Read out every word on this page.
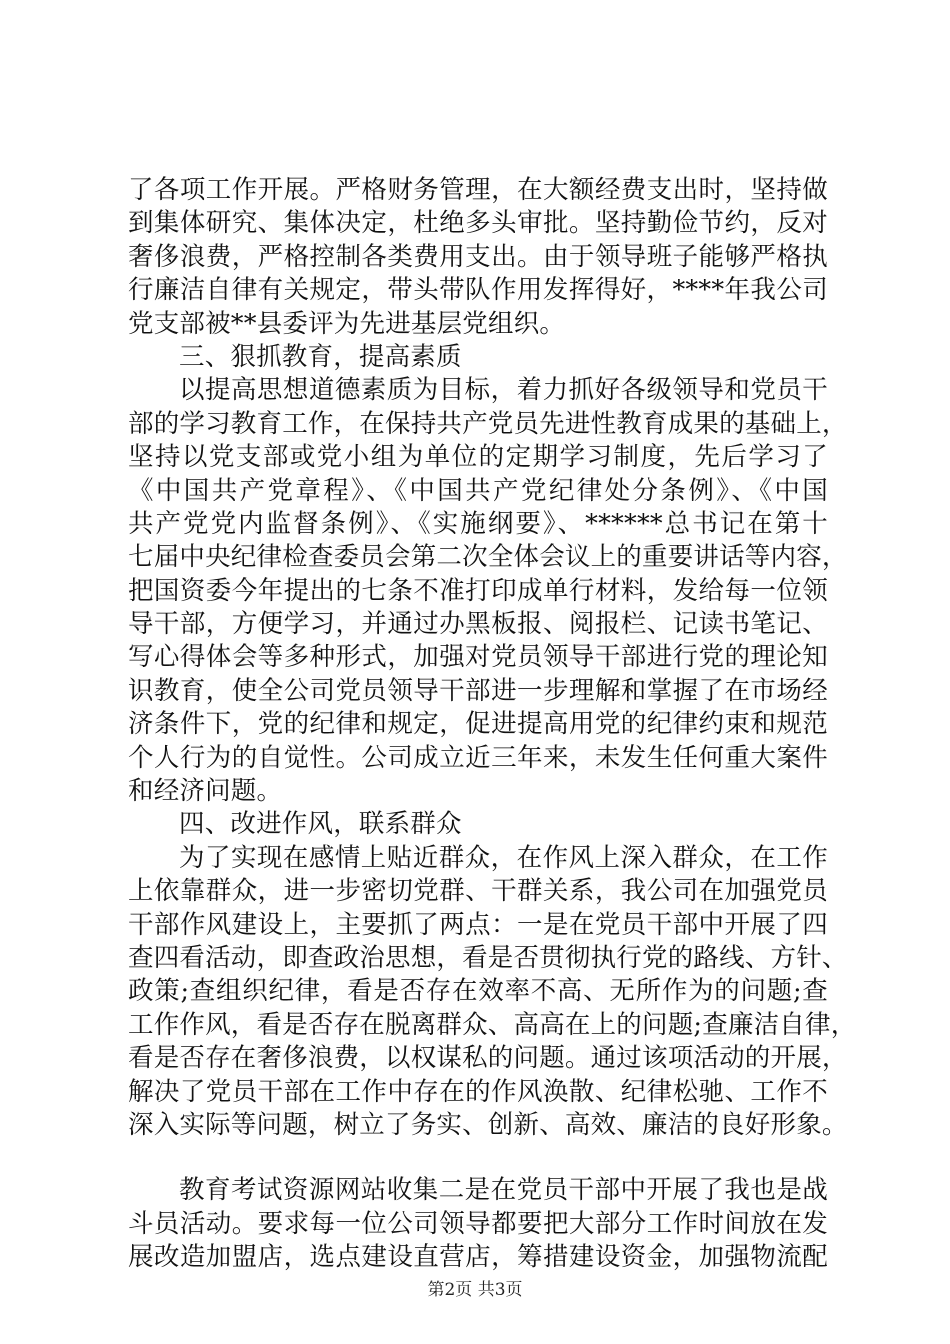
了各项工作开展。严格财务管理，在大额经费支出时，坚持做
到集体研究、集体决定，杜绝多头审批。坚持勤俭节约，反对
奢侈浪费，严格控制各类费用支出。由于领导班子能够严格执
行廉洁自律有关规定，带头带队作用发挥得好，****年我公司
党支部被**县委评为先进基层党组织。
三、狠抓教育，提高素质
以提高思想道德素质为目标，着力抓好各级领导和党员干
部的学习教育工作，在保持共产党员先进性教育成果的基础上，
坚持以党支部或党小组为单位的定期学习制度，先后学习了
《中国共产党章程》、《中国共产党纪律处分条例》、《中国
共产党党内监督条例》、《实施纲要》、******总书记在第十
七届中央纪律检查委员会第二次全体会议上的重要讲话等内容，
把国资委今年提出的七条不准打印成单行材料，发给每一位领
导干部，方便学习，并通过办黑板报、阅报栏、记读书笔记、
写心得体会等多种形式，加强对党员领导干部进行党的理论知
识教育，使全公司党员领导干部进一步理解和掌握了在市场经
济条件下，党的纪律和规定，促进提高用党的纪律约束和规范
个人行为的自觉性。公司成立近三年来，未发生任何重大案件
和经济问题。
四、改进作风，联系群众
为了实现在感情上贴近群众，在作风上深入群众，在工作
上依靠群众，进一步密切党群、干群关系，我公司在加强党员
干部作风建设上，主要抓了两点：一是在党员干部中开展了四
查四看活动，即查政治思想，看是否贯彻执行党的路线、方针、
政策;查组织纪律，看是否存在效率不高、无所作为的问题;查
工作作风，看是否存在脱离群众、高高在上的问题;查廉洁自律，
看是否存在奢侈浪费，以权谋私的问题。通过该项活动的开展，
解决了党员干部在工作中存在的作风涣散、纪律松驰、工作不
深入实际等问题，树立了务实、创新、高效、廉洁的良好形象。
教育考试资源网站收集二是在党员干部中开展了我也是战
斗员活动。要求每一位公司领导都要把大部分工作时间放在发
展改造加盟店，选点建设直营店，筹措建设资金，加强物流配
第2页 共3页
